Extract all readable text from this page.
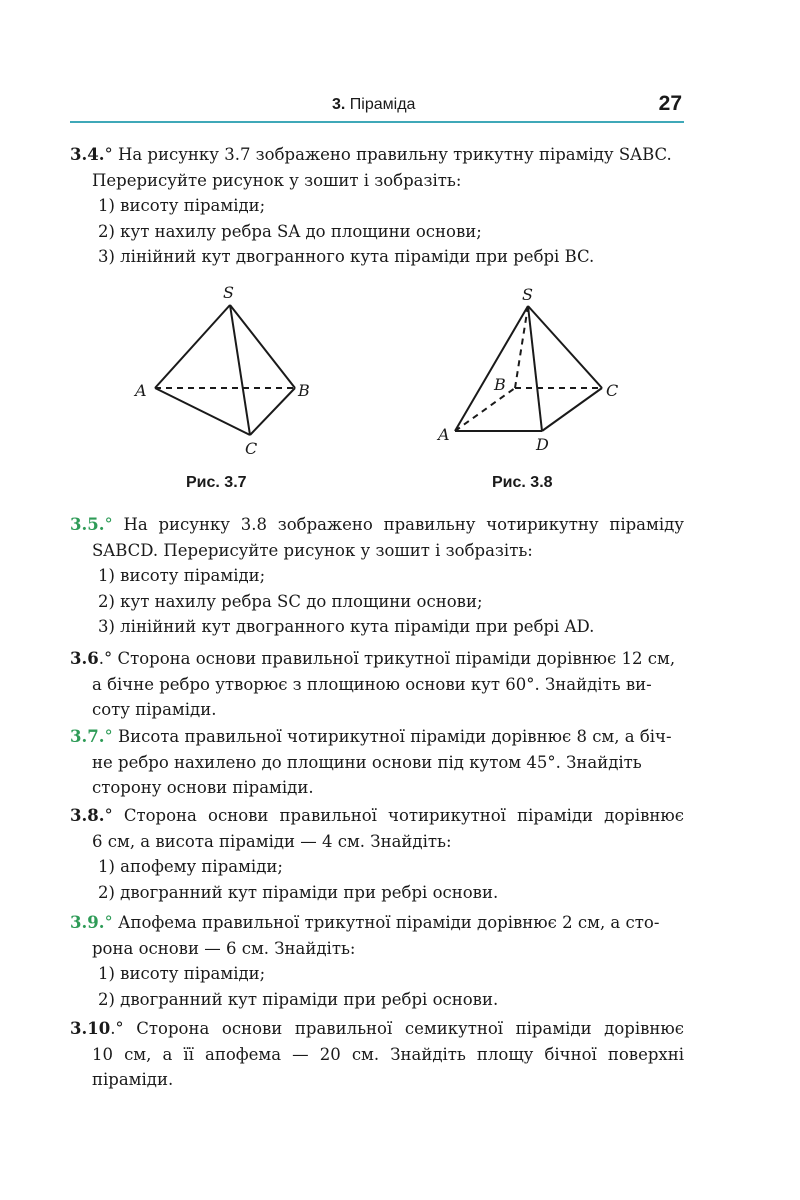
3. Піраміда	27
3.4.° На рисунку 3.7 зображено правильну трикутну піраміду SABC.
Перерисуйте рисунок у зошит і зобразіть:
1) висоту піраміди;
2) кут нахилу ребра SA до площини основи;
3) лінійний кут двогранного кута піраміди при ребрі BC.
S
A	B
C
Рис. 3.7
S
B	C
A
D
Рис. 3.8
3.5.° На рисунку 3.8 зображено правильну чотирикутну піраміду
SABCD. Перерисуйте рисунок у зошит і зобразіть:
1) висоту піраміди;
2) кут нахилу ребра SC до площини основи;
3) лінійний кут двогранного кута піраміди при ребрі AD.
3.6.° Сторона основи правильної трикутної піраміди дорівнює 12 см,
а бічне ребро утворює з площиною основи кут 60°. Знайдіть ви-
соту піраміди.
3.7.° Висота правильної чотирикутної піраміди дорівнює 8 см, а біч-
не ребро нахилено до площини основи під кутом 45°. Знайдіть
сторону основи піраміди.
3.8.° Сторона основи правильної чотирикутної піраміди дорівнює
6 см, а висота піраміди — 4 см. Знайдіть:
1) апофему піраміди;
2) двогранний кут піраміди при ребрі основи.
3.9.° Апофема правильної трикутної піраміди дорівнює 2 см, а сто-
рона основи — 6 см. Знайдіть:
1) висоту піраміди;
2) двогранний кут піраміди при ребрі основи.
3.10.° Сторона основи правильної семикутної піраміди дорівнює
10 см, а її апофема — 20 см. Знайдіть площу бічної поверхні
піраміди.
